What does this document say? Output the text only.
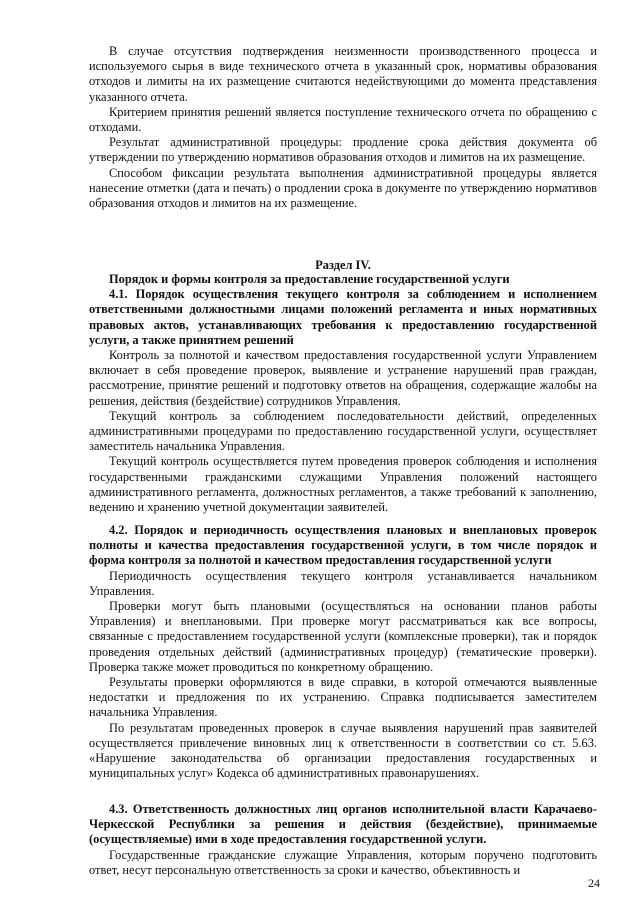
В случае отсутствия подтверждения неизменности производственного процесса и используемого сырья в виде технического отчета в указанный срок, нормативы образования отходов и лимиты на их размещение считаются недействующими до момента представления указанного отчета.

Критерием принятия решений является поступление технического отчета по обращению с отходами.

Результат административной процедуры: продление срока действия документа об утверждении по утверждению нормативов образования отходов и лимитов на их размещение.

Способом фиксации результата выполнения административной процедуры является нанесение отметки (дата и печать) о продлении срока в документе по утверждению нормативов образования отходов и лимитов на их размещение.

Раздел IV.

Порядок и формы контроля за предоставление государственной услуги

4.1. Порядок осуществления текущего контроля за соблюдением и исполнением ответственными должностными лицами положений регламента и иных нормативных правовых актов, устанавливающих требования к предоставлению государственной услуги, а также принятием решений

Контроль за полнотой и качеством предоставления государственной услуги Управлением включает в себя проведение проверок, выявление и устранение нарушений прав граждан, рассмотрение, принятие решений и подготовку ответов на обращения, содержащие жалобы на решения, действия (бездействие) сотрудников Управления.

Текущий контроль за соблюдением последовательности действий, определенных административными процедурами по предоставлению государственной услуги, осуществляет заместитель начальника Управления.

Текущий контроль осуществляется путем проведения проверок соблюдения и исполнения государственными гражданскими служащими Управления положений настоящего административного регламента, должностных регламентов, а также требований к заполнению, ведению и хранению учетной документации заявителей.

4.2. Порядок и периодичность осуществления плановых и внеплановых проверок полноты и качества предоставления государственной услуги, в том числе порядок и форма контроля за полнотой и качеством предоставления государственной услуги

Периодичность осуществления текущего контроля устанавливается начальником Управления.

Проверки могут быть плановыми (осуществляться на основании планов работы Управления) и внеплановыми. При проверке могут рассматриваться как все вопросы, связанные с предоставлением государственной услуги (комплексные проверки), так и порядок проведения отдельных действий (административных процедур) (тематические проверки). Проверка также может проводиться по конкретному обращению.

Результаты проверки оформляются в виде справки, в которой отмечаются выявленные недостатки и предложения по их устранению. Справка подписывается заместителем начальника Управления.

По результатам проведенных проверок в случае выявления нарушений прав заявителей осуществляется привлечение виновных лиц к ответственности в соответствии со ст. 5.63. «Нарушение законодательства об организации предоставления государственных и муниципальных услуг» Кодекса об административных правонарушениях.

4.3. Ответственность должностных лиц органов исполнительной власти Карачаево-Черкесской Республики за решения и действия (бездействие), принимаемые (осуществляемые) ими в ходе предоставления государственной услуги.

Государственные гражданские служащие Управления, которым поручено подготовить ответ, несут персональную ответственность за сроки и качество, объективность и

24
